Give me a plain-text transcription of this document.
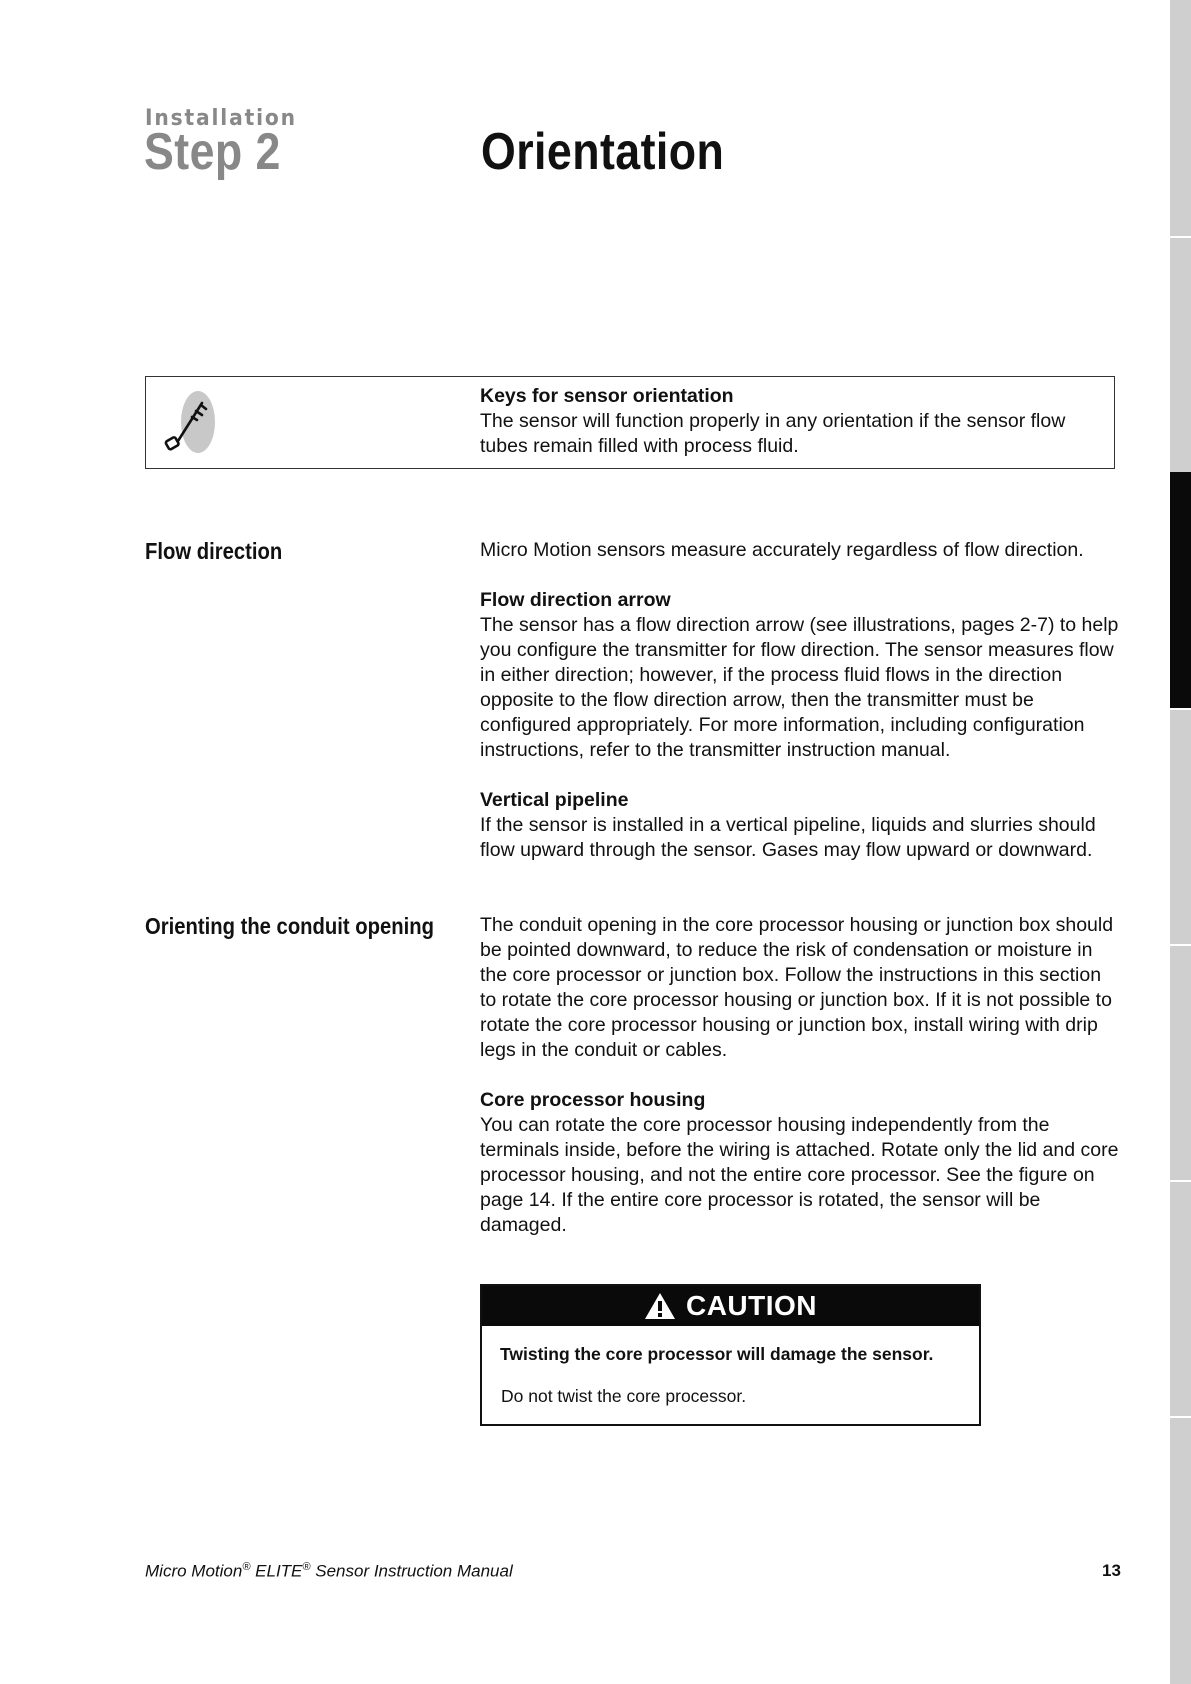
Installation
Step 2	Orientation
Keys for sensor orientation
The sensor will function properly in any orientation if the sensor flow tubes remain filled with process fluid.
Flow direction	Micro Motion sensors measure accurately regardless of flow direction.
Flow direction arrow
The sensor has a flow direction arrow (see illustrations, pages 2-7) to help you configure the transmitter for flow direction. The sensor measures flow in either direction; however, if the process fluid flows in the direction opposite to the flow direction arrow, then the transmitter must be configured appropriately. For more information, including configuration instructions, refer to the transmitter instruction manual.
Vertical pipeline
If the sensor is installed in a vertical pipeline, liquids and slurries should flow upward through the sensor. Gases may flow upward or downward.
Orienting the conduit opening The conduit opening in the core processor housing or junction box should be pointed downward, to reduce the risk of condensation or moisture in the core processor or junction box. Follow the instructions in this section to rotate the core processor housing or junction box. If it is not possible to rotate the core processor housing or junction box, install wiring with drip legs in the conduit or cables.
Core processor housing
You can rotate the core processor housing independently from the terminals inside, before the wiring is attached. Rotate only the lid and core processor housing, and not the entire core processor. See the figure on page 14. If the entire core processor is rotated, the sensor will be damaged.
CAUTION
Twisting the core processor will damage the sensor.
Do not twist the core processor.
Micro Motion® ELITE® Sensor Instruction Manual	13
